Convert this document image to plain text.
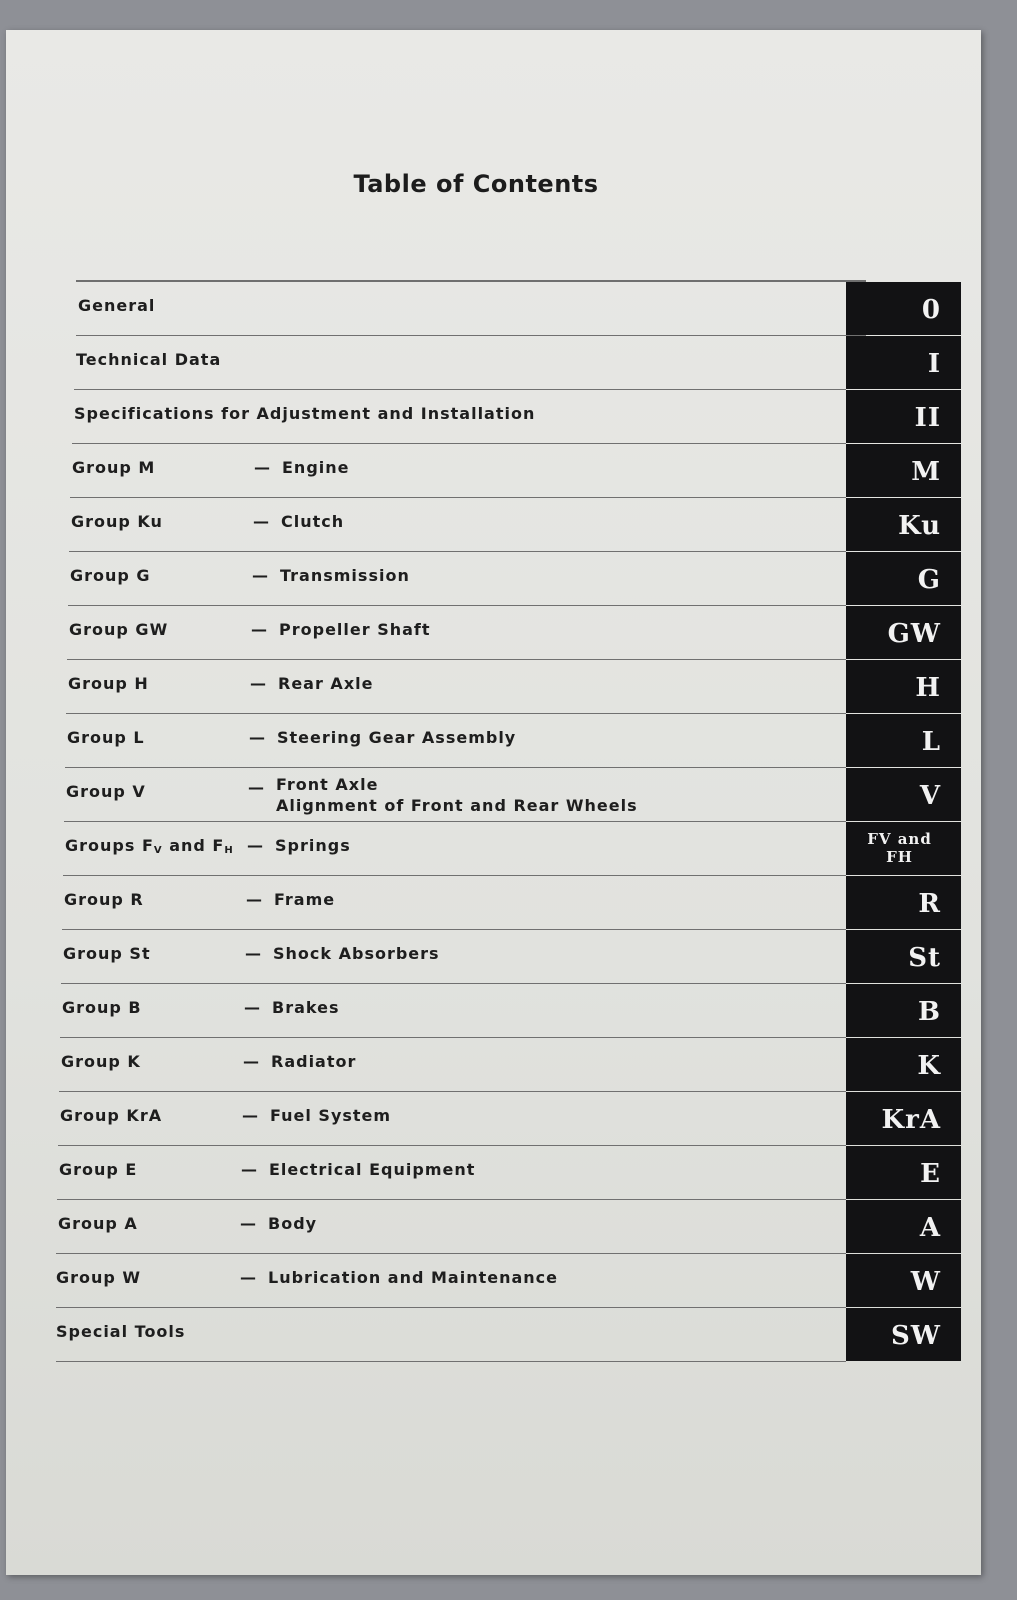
Table of Contents
General	0
Technical Data	I
Specifications for Adjustment and Installation	II
Group M	— Engine	M
Group Ku	— Clutch	Ku
Group G	— Transmission	G
Group GW	— Propeller Shaft	GW
Group H	— Rear Axle	H
Group L	— Steering Gear Assembly	L
Group V	— Front Axle
Alignment of Front and Rear Wheels	V
Groups $F_V$ and $F_H$ — Springs	FV and
FH
Group R	— Frame	R
Group St	— Shock Absorbers	St
Group B	— Brakes	B
Group K	— Radiator	K
Group KrA	— Fuel System	KrA
Group E	— Electrical Equipment	E
Group A	— Body	A
Group W	— Lubrication and Maintenance	W
Special Tools	SW
